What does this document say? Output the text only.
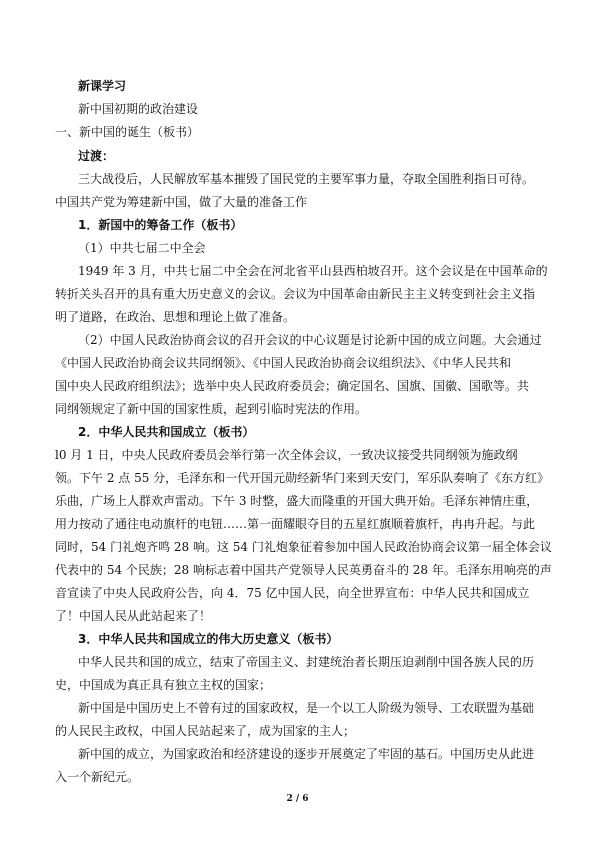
新课学习
新中国初期的政治建设
一、新中国的诞生（板书）
过渡：
三大战役后，人民解放军基本摧毁了国民党的主要军事力量，夺取全国胜利指日可待。
中国共产党为筹建新中国，做了大量的准备工作
1．新国中的筹备工作（板书）
（1）中共七届二中全会
1949 年 3 月，中共七届二中全会在河北省平山县西柏坡召开。这个会议是在中国革命的
转折关头召开的具有重大历史意义的会议。会议为中国革命由新民主主义转变到社会主义指
明了道路，在政治、思想和理论上做了准备。
（2）中国人民政治协商会议的召开会议的中心议题是讨论新中国的成立问题。大会通过
《中国人民政治协商会议共同纲领》、《中国人民政治协商会议组织法》、《中华人民共和
国中央人民政府组织法》；选举中央人民政府委员会；确定国名、国旗、国徽、国歌等。共
同纲领规定了新中国的国家性质，起到引临时宪法的作用。
2．中华人民共和国成立（板书）
l0 月 1 日，中央人民政府委员会举行第一次全体会议，一致决议接受共同纲领为施政纲
领。下午 2 点 55 分，毛泽东和一代开国元勋经新华门来到天安门，军乐队奏响了《东方红》
乐曲，广场上人群欢声雷动。下午 3 时整，盛大而隆重的开国大典开始。毛泽东神情庄重，
用力按动了通往电动旗杆的电钮……第一面耀眼夺目的五星红旗顺着旗杆，冉冉升起。与此
同时，54 门礼炮齐鸣 28 响。这 54 门礼炮象征着参加中国人民政治协商会议第一届全体会议
代表中的 54 个民族；28 响标志着中国共产党领导人民英勇奋斗的 28 年。毛泽东用响亮的声
音宣读了中央人民政府公告，向 4．75 亿中国人民，向全世界宣布：中华人民共和国成立
了！中国人民从此站起来了！
3．中华人民共和国成立的伟大历史意义（板书）
中华人民共和国的成立，结束了帝国主义、封建统治者长期压迫剥削中国各族人民的历
史，中国成为真正具有独立主权的国家；
新中国是中国历史上不曾有过的国家政权，是一个以工人阶级为领导、工农联盟为基础
的人民民主政权，中国人民站起来了，成为国家的主人；
新中国的成立，为国家政治和经济建设的逐步开展奠定了牢固的基石。中国历史从此进
入一个新纪元。
2 / 6
